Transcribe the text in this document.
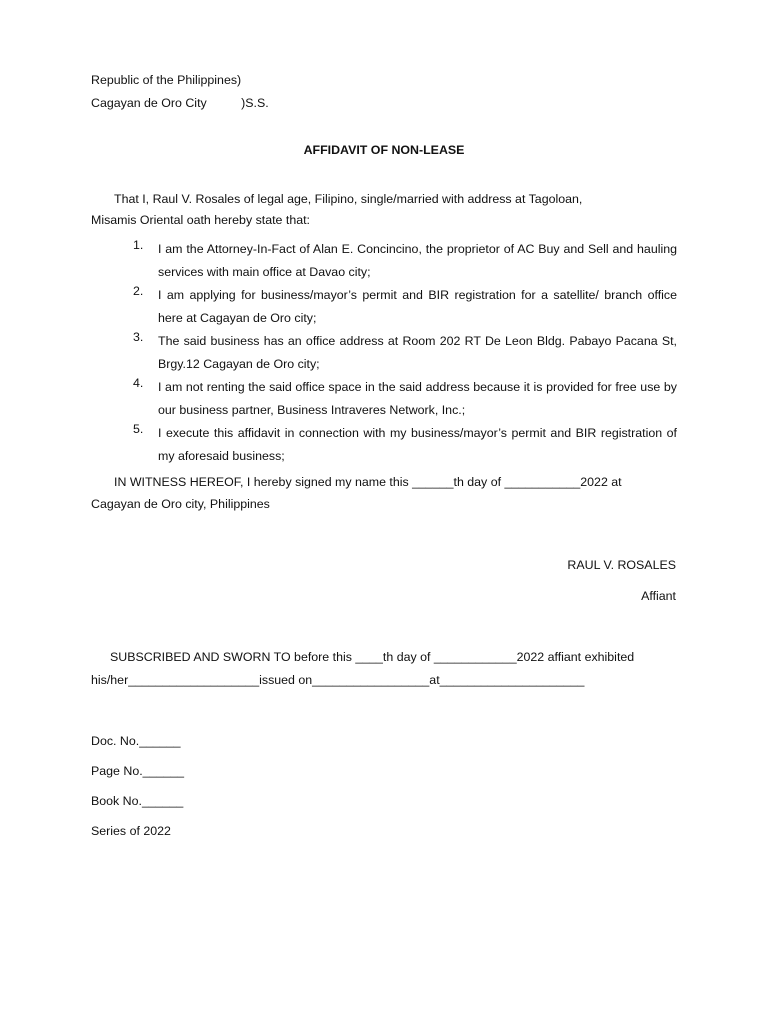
Republic of the Philippines)
Cagayan de Oro City          )S.S.
AFFIDAVIT OF NON-LEASE
That I, Raul V. Rosales of legal age, Filipino, single/married with address at Tagoloan,
Misamis Oriental oath hereby state that:
1. I am the Attorney-In-Fact of Alan E. Concincino, the proprietor of AC Buy and Sell and hauling services with main office at Davao city;
2. I am applying for business/mayor’s permit and BIR registration for a satellite/ branch office here at Cagayan de Oro city;
3. The said business has an office address at Room 202 RT De Leon Bldg. Pabayo Pacana St, Brgy.12 Cagayan de Oro city;
4. I am not renting the said office space in the said address because it is provided for free use by our business partner, Business Intraveres Network, Inc.;
5. I execute this affidavit in connection with my business/mayor’s permit and BIR registration of my aforesaid business;
IN WITNESS HEREOF, I hereby signed my name this ______th day of ___________2022 at
Cagayan de Oro city, Philippines
RAUL V. ROSALES
Affiant
SUBSCRIBED AND SWORN TO before this ____th day of ____________2022 affiant exhibited
his/her___________________issued on_________________at_____________________
Doc. No.______
Page No.______
Book No.______
Series of 2022
